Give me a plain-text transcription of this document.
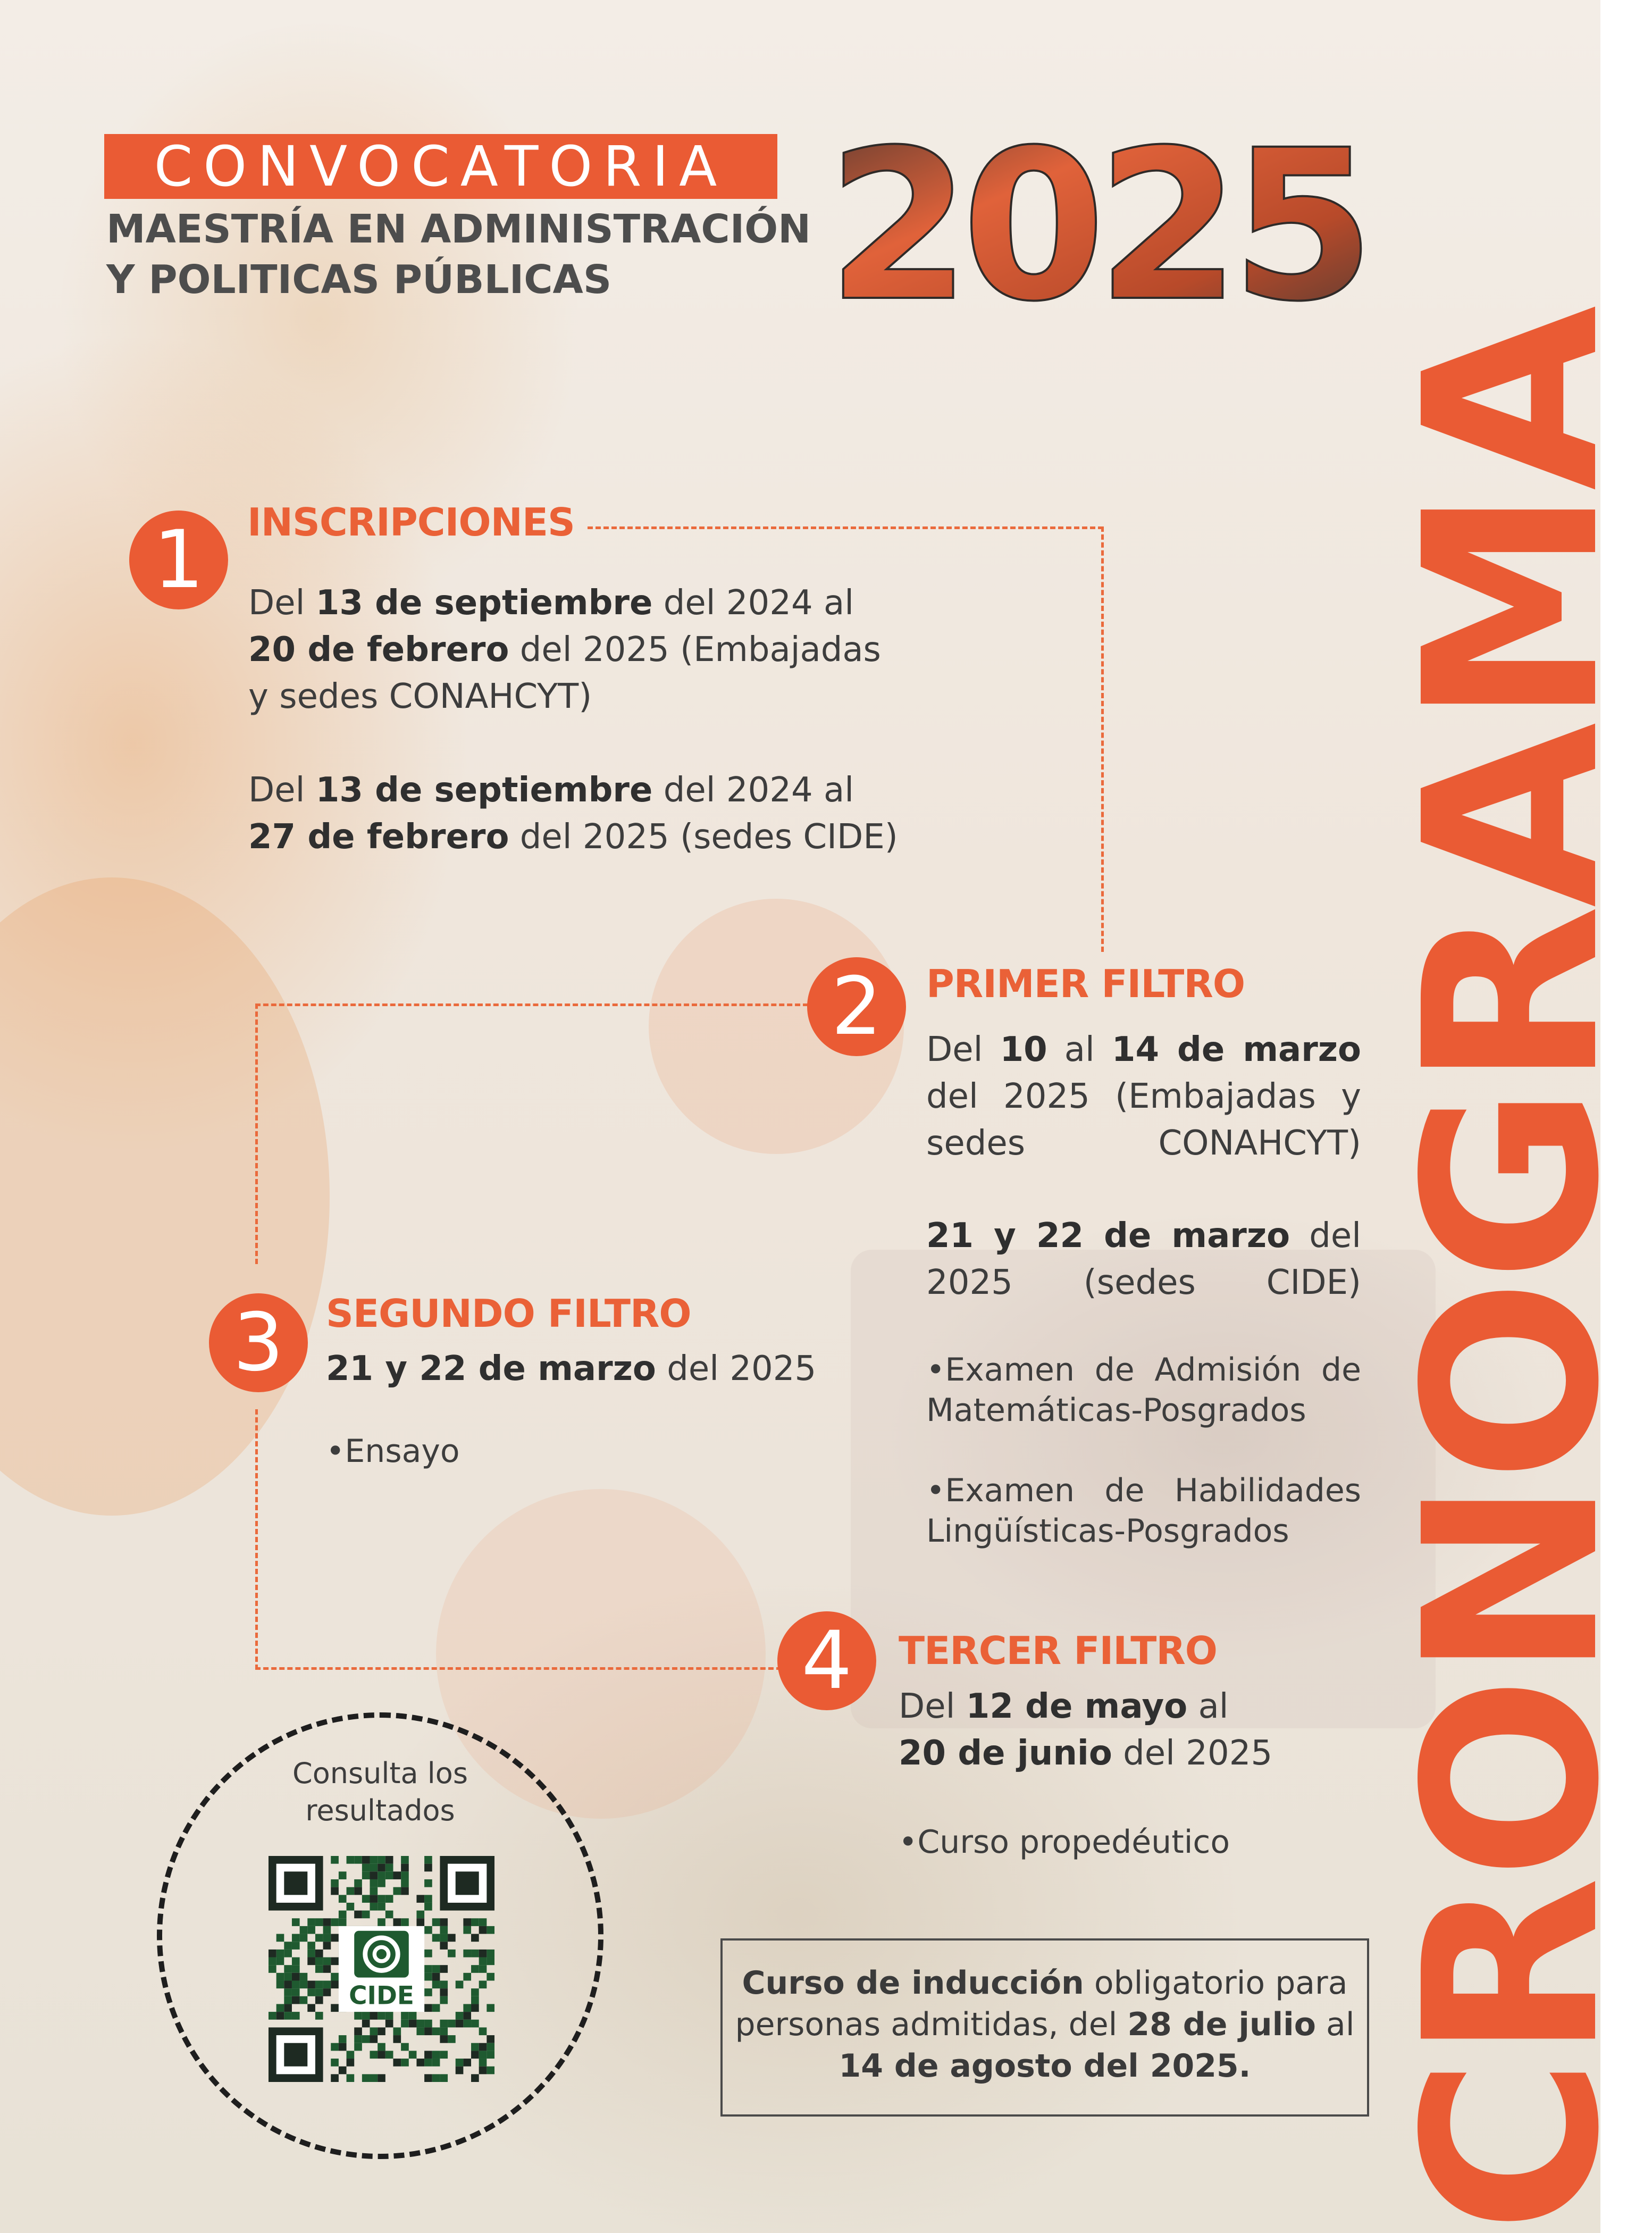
CONVOCATORIA
MAESTRÍA EN ADMINISTRACIÓN
Y POLITICAS PÚBLICAS 2025
CRONOGRAMA
1	INSCRIPCIONES
Del 13 de septiembre del 2024 al
20 de febrero del 2025 (Embajadas
y sedes CONAHCYT)
Del 13 de septiembre del 2024 al
27 de febrero del 2025 (sedes CIDE)
2	PRIMER FILTRO
Del 10 al 14 de marzo
del 2025 (Embajadas y
sedes CONAHCYT)
21 y 22 de marzo del
2025 (sedes CIDE)
•Examen de Admisión de
Matemáticas-Posgrados
•Examen de Habilidades
Lingüísticas-Posgrados
3	SEGUNDO FILTRO
21 y 22 de marzo del 2025
•Ensayo
4	TERCER FILTRO
Del 12 de mayo al
20 de junio del 2025
•Curso propedéutico
Consulta los
resultados
CIDE	Curso de inducción obligatorio para
personas admitidas, del 28 de julio al
14 de agosto del 2025.
